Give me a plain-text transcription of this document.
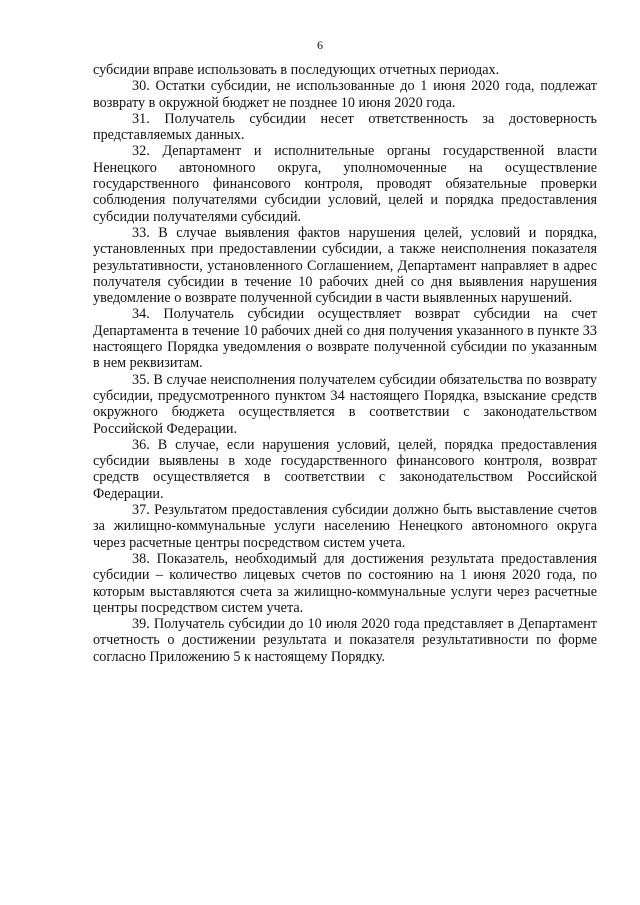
6

субсидии вправе использовать в последующих отчетных периодах.

30. Остатки субсидии, не использованные до 1 июня 2020 года, подлежат возврату в окружной бюджет не позднее 10 июня 2020 года.

31. Получатель субсидии несет ответственность за достоверность представляемых данных.

32. Департамент и исполнительные органы государственной власти Ненецкого автономного округа, уполномоченные на осуществление государственного финансового контроля, проводят обязательные проверки соблюдения получателями субсидии условий, целей и порядка предоставления субсидии получателями субсидий.

33. В случае выявления фактов нарушения целей, условий и порядка, установленных при предоставлении субсидии, а также неисполнения показателя результативности, установленного Соглашением, Департамент направляет в адрес получателя субсидии в течение 10 рабочих дней со дня выявления нарушения уведомление о возврате полученной субсидии в части выявленных нарушений.

34. Получатель субсидии осуществляет возврат субсидии на счет Департамента в течение 10 рабочих дней со дня получения указанного в пункте 33 настоящего Порядка уведомления о возврате полученной субсидии по указанным в нем реквизитам.

35. В случае неисполнения получателем субсидии обязательства по возврату субсидии, предусмотренного пунктом 34 настоящего Порядка, взыскание средств окружного бюджета осуществляется в соответствии с законодательством Российской Федерации.

36. В случае, если нарушения условий, целей, порядка предоставления субсидии выявлены в ходе государственного финансового контроля, возврат средств осуществляется в соответствии с законодательством Российской Федерации.

37. Результатом предоставления субсидии должно быть выставление счетов за жилищно-коммунальные услуги населению Ненецкого автономного округа через расчетные центры посредством систем учета.

38. Показатель, необходимый для достижения результата предоставления субсидии – количество лицевых счетов по состоянию на 1 июня 2020 года, по которым выставляются счета за жилищно-коммунальные услуги через расчетные центры посредством систем учета.

39. Получатель субсидии до 10 июля 2020 года представляет в Департамент отчетность о достижении результата и показателя результативности по форме согласно Приложению 5 к настоящему Порядку.
